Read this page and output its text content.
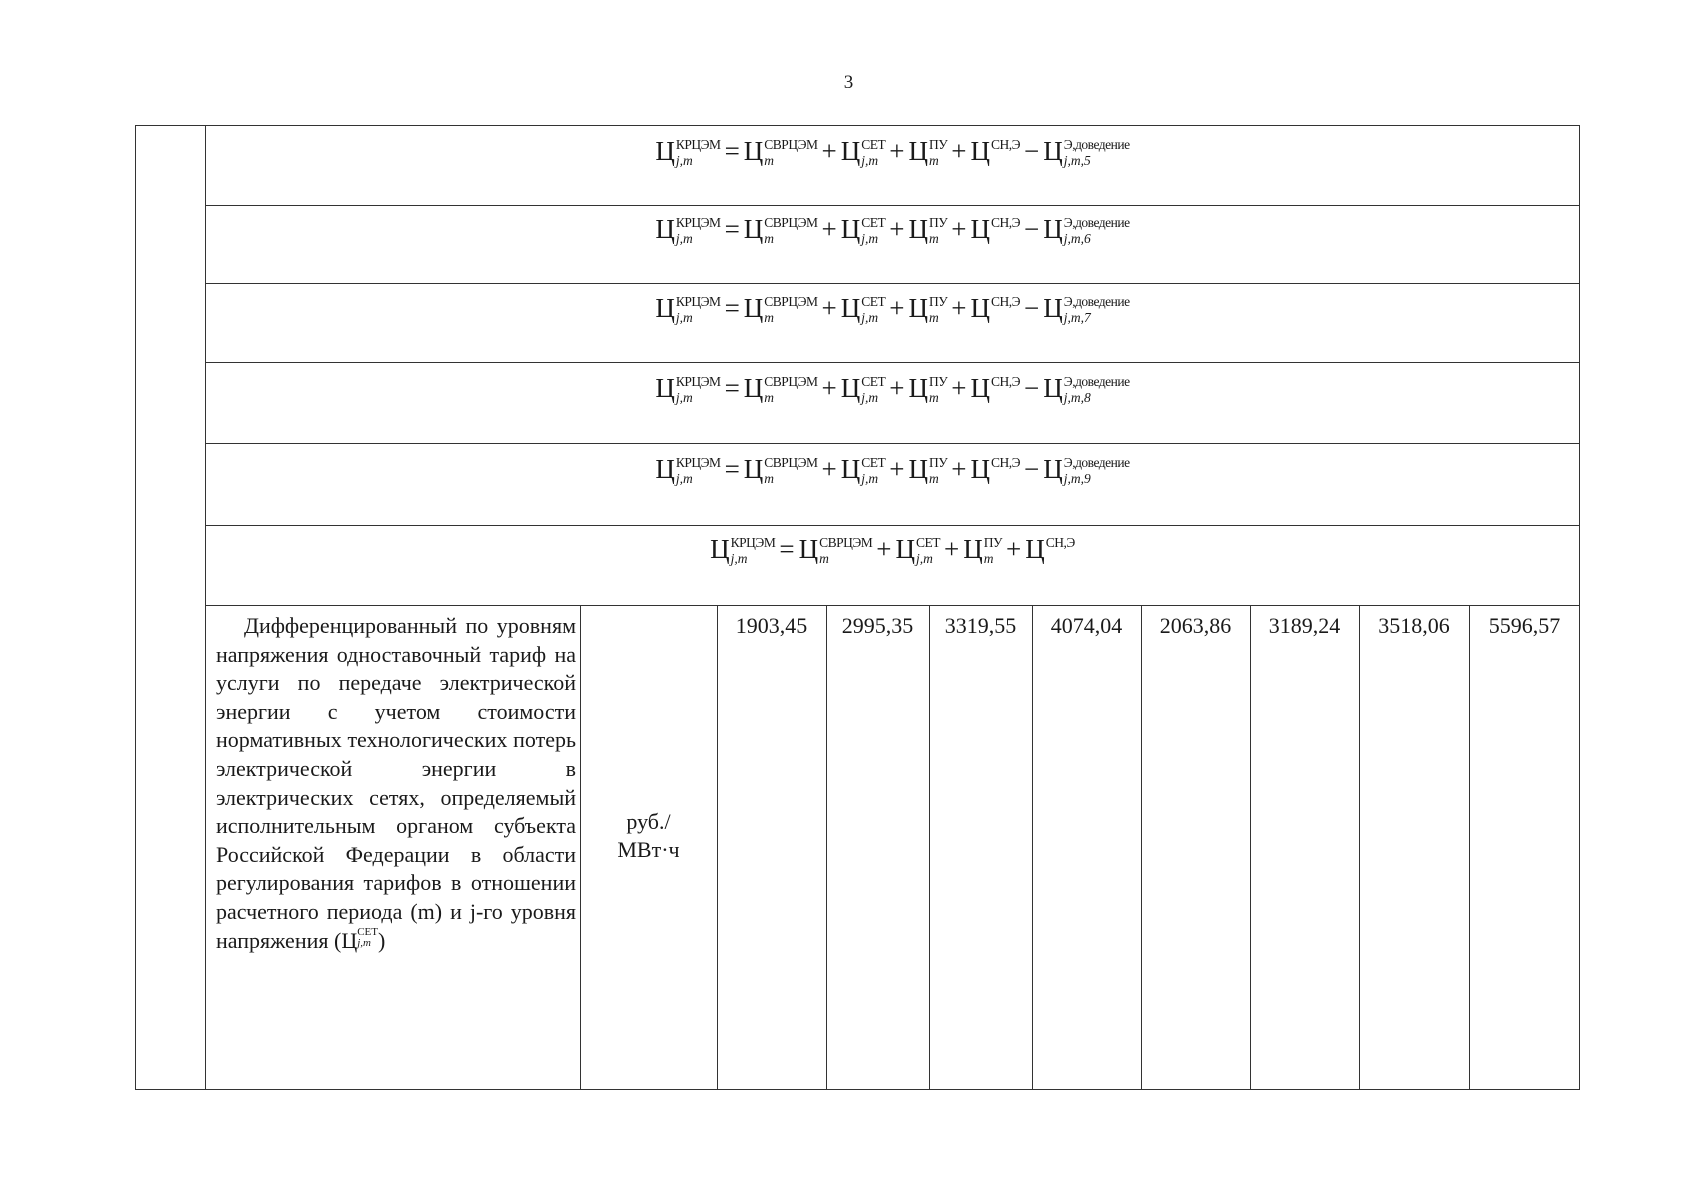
3
Ц КРЦЭМ
j,m	= Ц СВРЦЭМ
m	+ Ц СЕТ
j,m + Ц ПУ
m + Ц СН,Э − Ц Э,доведение
j,m,5
Ц КРЦЭМ
j,m	= Ц СВРЦЭМ
m	+ Ц СЕТ
j,m + Ц ПУ
m + Ц СН,Э − Ц Э,доведение
j,m,6
Ц КРЦЭМ
j,m	= Ц СВРЦЭМ
m	+ Ц СЕТ
j,m + Ц ПУ
m + Ц СН,Э − Ц Э,доведение
j,m,7
Ц КРЦЭМ
j,m	= Ц СВРЦЭМ
m	+ Ц СЕТ
j,m + Ц ПУ
m + Ц СН,Э − Ц Э,доведение
j,m,8
Ц КРЦЭМ
j,m	= Ц СВРЦЭМ
m	+ Ц СЕТ
j,m + Ц ПУ
m + Ц СН,Э − Ц Э,доведение
j,m,9
Ц КРЦЭМ
j,m	= Ц СВРЦЭМ
m	+ Ц СЕТ
j,m + Ц ПУ
m + Ц СН,Э
Дифференцированный по уровням напряжения одноставочный тариф на услуги по передаче электрической энергии с учетом стоимости нормативных технологических потерь электрической энергии в электрических сетях, определяемый исполнительным органом субъекта Российской Федерации в области регулирования тарифов в отношении расчетного периода (m) и j-го уровня напряжения ( Ц СЕТ
j,m )
руб./
МВт·ч
1903,45	2995,35	3319,55	4074,04	2063,86	3189,24	3518,06	5596,57
